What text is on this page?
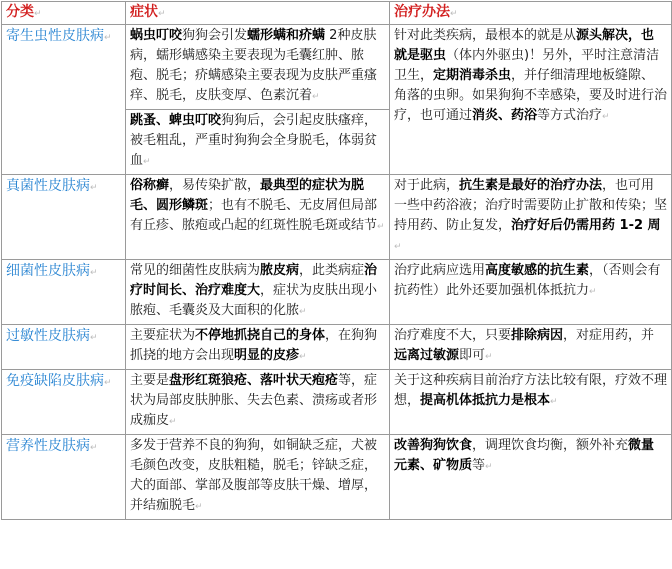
分类↵	症状↵	治疗办法↵
寄生虫性皮肤病↵	蜗虫叮咬狗狗会引发蠕形螨和疥螨 2种皮肤病，蠕形螨感染主要表现为毛囊红肿、脓疱、脱毛；疥螨感染主要表现为皮肤严重瘙痒、脱毛，皮肤变厚、色素沉着↵	针对此类疾病，最根本的就是从源头解决，也就是驱虫（体内外驱虫)！另外，平时注意清洁卫生，定期消毒杀虫，并仔细清理地板缝隙、角落的虫卵。如果狗狗不幸感染，要及时进行治疗，也可通过消炎、药浴等方式治疗↵
	跳蚤、蜱虫叮咬狗狗后，会引起皮肤瘙痒，被毛粗乱，严重时狗狗会全身脱毛，体弱贫血↵	
真菌性皮肤病↵	俗称癣，易传染扩散，最典型的症状为脱毛、圆形鳞斑；也有不脱毛、无皮屑但局部有丘疹、脓疱或凸起的红斑性脱毛斑或结节↵	对于此病，抗生素是最好的治疗办法，也可用一些中药浴液；治疗时需要防止扩散和传染；坚持用药、防止复发，治疗好后仍需用药 1-2 周↵
细菌性皮肤病↵	常见的细菌性皮肤病为脓皮病，此类病症治疗时间长、治疗难度大，症状为皮肤出现小脓疱、毛囊炎及大面积的化脓↵	治疗此病应选用高度敏感的抗生素，（否则会有抗药性）此外还要加强机体抵抗力↵
过敏性皮肤病↵	主要症状为不停地抓挠自己的身体，在狗狗抓挠的地方会出现明显的皮疹↵	治疗难度不大，只要排除病因，对症用药，并远离过敏源即可↵
免疫缺陷皮肤病↵	主要是盘形红斑狼疮、落叶状天疱疮等，症状为局部皮肤肿胀、失去色素、溃疡或者形成痂皮↵	关于这种疾病目前治疗方法比较有限，疗效不理想，提高机体抵抗力是根本↵
营养性皮肤病↵	多发于营养不良的狗狗，如铜缺乏症，犬被毛颜色改变，皮肤粗糙，脱毛；锌缺乏症，犬的面部、掌部及腹部等皮肤干燥、增厚，并结痂脱毛↵	改善狗狗饮食，调理饮食均衡，额外补充微量元素、矿物质等↵
